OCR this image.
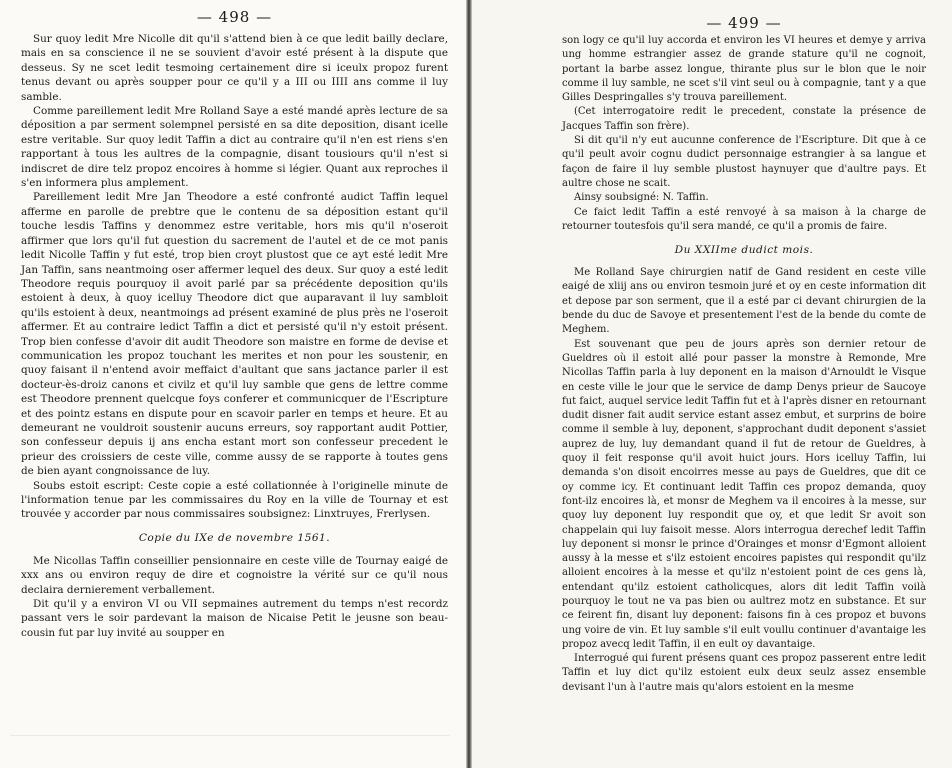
— 498 —

Sur quoy ledit Mre Nicolle dit qu'il s'attend bien à ce que ledit bailly declare, mais en sa conscience il ne se souvient d'avoir esté présent à la dispute que desseus. Sy ne scet ledit tesmoing certainement dire si iceulx propoz furent tenus devant ou après soupper pour ce qu'il y a III ou IIII ans comme il luy samble.

Comme pareillement ledit Mre Rolland Saye a esté mandé après lecture de sa déposition a par serment solempnel persisté en sa dite deposition, disant icelle estre veritable. Sur quoy ledit Taffin a dict au contraire qu'il n'en est riens s'en rapportant à tous les aultres de la compagnie, disant tousiours qu'il n'est si indiscret de dire telz propoz encoires à homme si légier. Quant aux reproches il s'en informera plus amplement.

Pareillement ledit Mre Jan Theodore a esté confronté audict Taffin lequel afferme en parolle de prebtre que le contenu de sa déposition estant qu'il touche lesdis Taffins y denommez estre veritable, hors mis qu'il n'oseroit affirmer que lors qu'il fut question du sacrement de l'autel et de ce mot panis ledit Nicolle Taffin y fut esté, trop bien croyt plustost que ce ayt esté ledit Mre Jan Taffin, sans neantmoing oser affermer lequel des deux. Sur quoy a esté ledit Theodore requis pourquoy il avoit parlé par sa précédente deposition qu'ils estoient à deux, à quoy icelluy Theodore dict que auparavant il luy sambloit qu'ils estoient à deux, neantmoings ad présent examiné de plus près ne l'oseroit affermer. Et au contraire ledict Taffin a dict et persisté qu'il n'y estoit présent. Trop bien confesse d'avoir dit audit Theodore son maistre en forme de devise et communication les propoz touchant les merites et non pour les soustenir, en quoy faisant il n'entend avoir meffaict d'aultant que sans jactance parler il est docteur-ès-droiz canons et civilz et qu'il luy samble que gens de lettre comme est Theodore prennent quelcque foys conferer et communicquer de l'Escripture et des pointz estans en dispute pour en scavoir parler en temps et heure. Et au demeurant ne vouldroit soustenir aucuns erreurs, soy rapportant audit Pottier, son confesseur depuis ij ans encha estant mort son confesseur precedent le prieur des croissiers de ceste ville, comme aussy de se rapporte à toutes gens de bien ayant congnoissance de luy.

Soubs estoit escript: Ceste copie a esté collationnée à l'originelle minute de l'information tenue par les commissaires du Roy en la ville de Tournay et est trouvée y accorder par nous commissaires soubsignez: Linxtruyes, Frerlysen.

Copie du IXe de novembre 1561.

Me Nicollas Taffin conseillier pensionnaire en ceste ville de Tournay eaigé de xxx ans ou environ requy de dire et cognoistre la vérité sur ce qu'il nous declaira dernierement verballement.

Dit qu'il y a environ VI ou VII sepmaines autrement du temps n'est recordz passant vers le soir pardevant la maison de Nicaise Petit le jeusne son beau-cousin fut par luy invité au soupper en

— 499 —

son logy ce qu'il luy accorda et environ les VI heures et demye y arriva ung homme estrangier assez de grande stature qu'il ne cognoit, portant la barbe assez longue, thirante plus sur le blon que le noir comme il luy samble, ne scet s'il vint seul ou à compagnie, tant y a que Gilles Despringalles s'y trouva pareillement.

(Cet interrogatoire redit le precedent, constate la présence de Jacques Taffin son frère).

Si dit qu'il n'y eut aucunne conference de l'Escripture. Dit que à ce qu'il peult avoir cognu dudict personnaige estrangier à sa langue et façon de faire il luy semble plustost haynuyer que d'aultre pays. Et aultre chose ne scait.

Ainsy soubsigné: N. Taffin.

Ce faict ledit Taffin a esté renvoyé à sa maison à la charge de retourner toutesfois qu'il sera mandé, ce qu'il a promis de faire.

Du XXIIme dudict mois.

Me Rolland Saye chirurgien natif de Gand resident en ceste ville eaigé de xliij ans ou environ tesmoin juré et oy en ceste information dit et depose par son serment, que il a esté par ci devant chirurgien de la bende du duc de Savoye et presentement l'est de la bende du comte de Meghem.

Est souvenant que peu de jours après son dernier retour de Gueldres où il estoit allé pour passer la monstre à Remonde, Mre Nicollas Taffin parla à luy deponent en la maison d'Arnouldt le Visque en ceste ville le jour que le service de damp Denys prieur de Saucoye fut faict, auquel service ledit Taffin fut et à l'après disner en retournant dudit disner fait audit service estant assez embut, et surprins de boire comme il semble à luy, deponent, s'approchant dudit deponent s'assiet auprez de luy, luy demandant quand il fut de retour de Gueldres, à quoy il feit response qu'il avoit huict jours. Hors icelluy Taffin, lui demanda s'on disoit encoirres messe au pays de Gueldres, que dit ce oy comme icy. Et continuant ledit Taffin ces propoz demanda, quoy font-ilz encoires là, et monsr de Meghem va il encoires à la messe, sur quoy luy deponent luy respondit que oy, et que ledit Sr avoit son chappelain qui luy faisoit messe. Alors interrogua derechef ledit Taffin luy deponent si monsr le prince d'Orainges et monsr d'Egmont alloient aussy à la messe et s'ilz estoient encoires papistes qui respondit qu'ilz alloient encoires à la messe et qu'ilz n'estoient point de ces gens là, entendant qu'ilz estoient catholicques, alors dit ledit Taffin voilà pourquoy le tout ne va pas bien ou aultrez motz en substance. Et sur ce feirent fin, disant luy deponent: faisons fin à ces propoz et buvons ung voire de vin. Et luy samble s'il eult voullu continuer d'avantaige les propoz avecq ledit Taffin, il en eult oy davantaige.

Interrogué qui furent présens quant ces propoz passerent entre ledit Taffin et luy dict qu'ilz estoient eulx deux seulz assez ensemble devisant l'un à l'autre mais qu'alors estoient en la mesme
